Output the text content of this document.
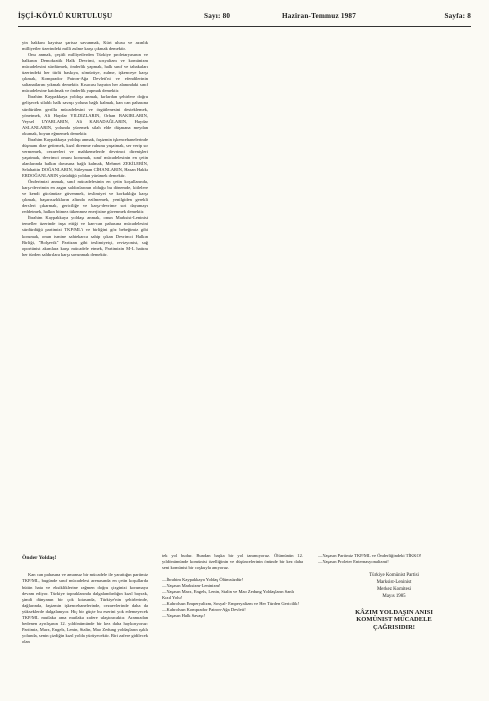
İŞÇİ-KÖYLÜ KURTULUŞU	Sayı: 80	Haziran-Temmuz 1987	Sayfa: 8

yin hakkını kayıtsız şartsız savunmak, Kürt ulusu ve azınlık milliyetler üzerindeki milli zulme karşı çıkmak demektir.

Onu anmak, çeşitli milliyetlerden Türkiye proletaryasının ve halkının Demokratik Halk Devrimi, sosyalizm ve komünizm mücadelesini sürdürmek, önderlik yapmak, halk sınıf ve tabakaları üzerindeki her türlü baskıya, sömürüye, zulme, işkenceye karşı çıkmak, Komprador Patron-Ağa Devleti'ni ve efendilerinin saltanatlarını yıkmak demektir. Kısacası hayatın her alanındaki sınıf mücadelesine katılmak ve önderlik yapmak demektir.

İbrahim Kaypakkaya yoldaşı anmak, kırlardan şehirlere doğru gelişecek silahlı halk savaşı yoluna bağlı kalmak, kan can pahasına sürdürülen gerilla mücadelesini ve örgütlenesini desteklemek, yönetmek, Ali Haydar YILDIZLARIN, Orhan BAKIRLARIN, Veysel UYARLARIN, Ali KARADAĞLARIN, Haydar ASLANLARIN, yolunda yüremek silah elde düşmana meydan okumak, boyun eğmemek demektir.

İbrahim Kaypakkaya yoldaşı anmak, faşizmin işkencehanelerinde düşmanı dize getirmek, kızıl direnme ruhunu yaşatmak, ser verip sır vermemek, cezaevleri ve mahkemelerde devrimci direnişleri yaşatmak, devrimci onuru korumak, sınıf mücadelesinin en çetin alanlarında halkın davasına bağlı kalmak, Mehmet ZEKİLERİN, Selahattin DOĞANLARIN, Süleyman CİHANLARIN, Hasan Hakkı ERDOĞANLARIN yürüdüğü yoldan yürümek demektir.

Önderimizi anmak, sınıf mücadelesinin en çetin koşullarında, karşı-devrimin en azgın saldırılarının olduğu bu dönemde, kitlelere ve kendi gücümüze güvenmek, teslimiyet ve korkaklığa karşı çıkmak, başarısızlıkların altında ezilmemek, yenilgiden gerekli dersleri çıkarmak, gericiliğe ve karşı-devrime sırt dayamayı reddetmek, halkın bitmez tükenmez enerjisine güvenmek demektir.

İbrahim Kaypakkaya yoldaşı anmak, onun Marksist-Leninist temeller üzerinde inşa ettiği ve kan-can pahasına mücadelesini sürdürdüğü partimizi TKP/ML'i ve birliğini göz bebeğimiz gibi korumak, onun ismine sahtekarca sahip çıkan Devrimci Halkın Birliği, "Bolşevik" Partizan gibi teslimiyetçi, revizyonist, sağ oportünist akımlara karşı mücadele etmek, Partimizin M-L hattını her türden saldırılara karşı savunmak demektir.

Önder Yoldaş!

Kan can pahasına ve amansız bir mücadele ile yarattığın partimiz TKP/ML, bugünde sınıf mücadelesi arenasında en çetin koşullarda bütün hata ve eksikliklerine rağmen doğru çizginizi korumaya devam ediyor. Türkiye topraklarında dalgalandırdığın kızıl bayrak, şimdi dünyanın bir çok kıtasında, Türkiye'nin şehirlerinde, dağlarında, faşizmin işkencehanelerinde, cezaevlerinde daha da yükseklerde dalgalanıyor. Hiç bir güçte bu eserini yok edemeyecek TKP/ML mutlaka ama mutlaka zafere ulaştıracaktır. Aramızdan bedenen ayrılışının 12. yıldönümünde bir kez daha haykırıyoruz: Partimiz, Marx, Engels, Lenin, Stalin, Mao Zedung yoldaşların ışıklı yolunda, senin çizdiğin kızıl yolda yürüyecektir. Biri zafere gidilecek olan

tek yol budur. Bundan başka bir yol tanımıyoruz. Ölümünün 12. yıldönümünde komünist özelliğinin ve düşüncelerinin önünde bir kez daha seni komünist bir coşkuyla anıyoruz.

—İbrahim Kaypakkaya Yoldaş Ölümsüzdür!

—Yaşasın Marksizm-Leninizm!

—Yaşasın Marx, Engels, Lenin, Stalin ve Mao Zedung Yoldaşların Sanlı Kızıl Yolu!

—Kahrolsun Emperyalizm, Sosyal- Emperyalizm ve Her Türden Gericilik!

—Kahrolsun Komprador Patron-Ağa Devleti!

—Yaşasın Halk Savaşı!

—Yaşasın Partimiz TKP/ML ve Önderliğindeki TİKKO!

—Yaşasın Proleter Enternasyonalizmi!

Türkiye Komünist Partisi
Marksist-Leninist
Merkez Komitesi
Mayıs 1985
KÂZIM YOLDAŞIN ANISI
KOMÜNIST MÜCADELE
ÇAĞRISIDIR!
